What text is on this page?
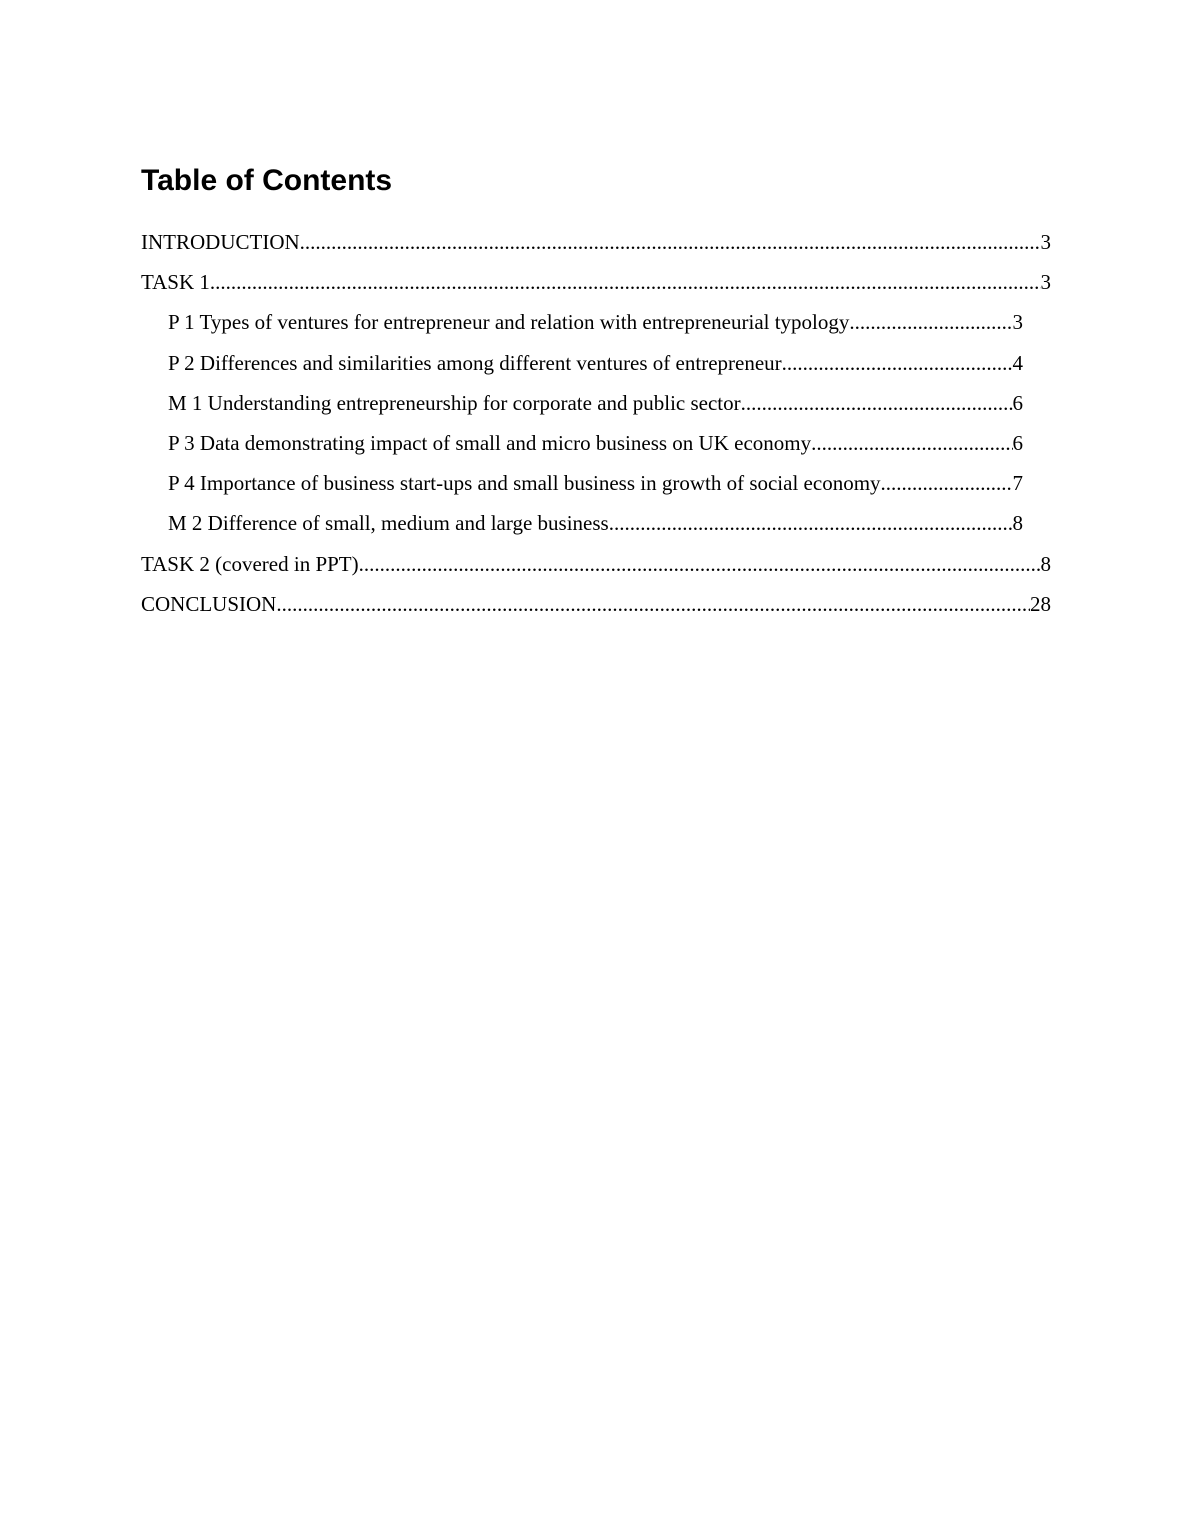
Table of Contents
INTRODUCTION .....	3
TASK 1 .....	3
P 1 Types of ventures for entrepreneur and relation with entrepreneurial typology .....	3
P 2 Differences and similarities among different ventures of entrepreneur .....	4
M 1 Understanding entrepreneurship for corporate and public sector .....	6
P 3 Data demonstrating impact of small and micro business on UK economy .....	6
P 4 Importance of business start-ups and small business in growth of social economy .....	7
M 2 Difference of small, medium and large business .....	8
TASK 2 (covered in PPT) .....	8
CONCLUSION .....	28
